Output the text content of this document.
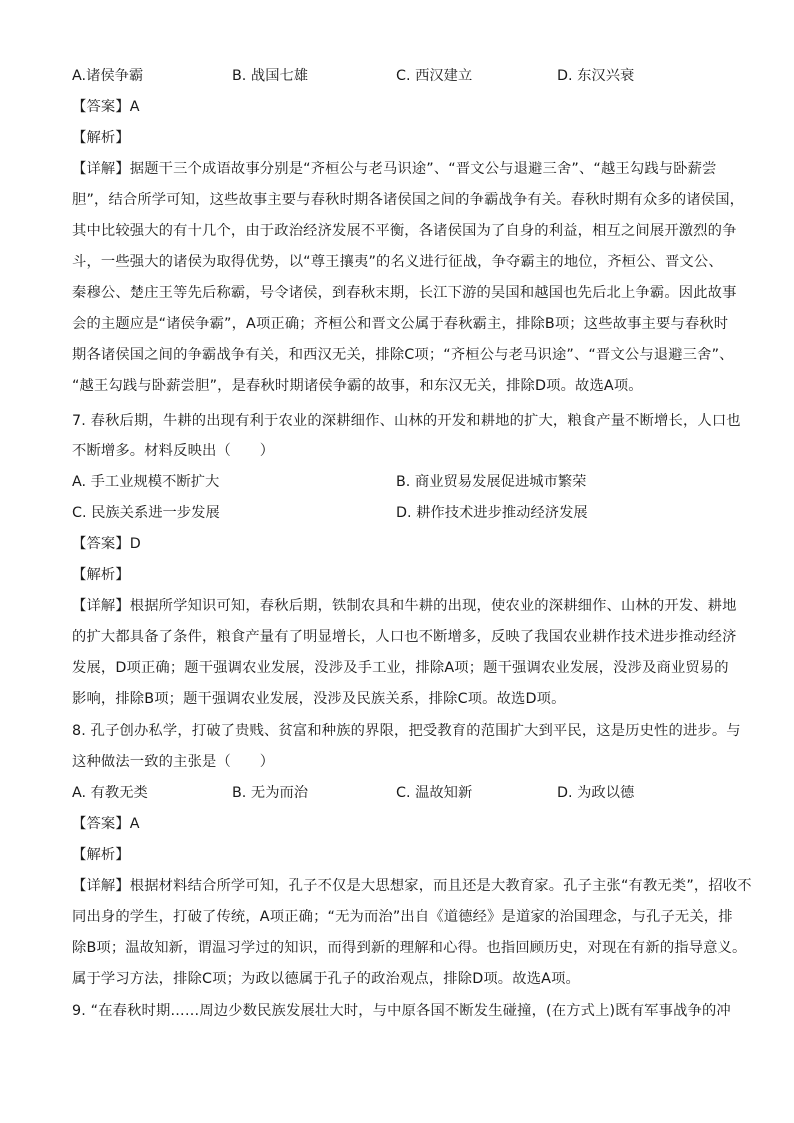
A.诸侯争霸	B. 战国七雄	C. 西汉建立	D. 东汉兴衰
【答案】A
【解析】
【详解】据题干三个成语故事分别是“齐桓公与老马识途”、“晋文公与退避三舍”、“越王勾践与卧薪尝
胆”，结合所学可知，这些故事主要与春秋时期各诸侯国之间的争霸战争有关。春秋时期有众多的诸侯国，
其中比较强大的有十几个，由于政治经济发展不平衡，各诸侯国为了自身的利益，相互之间展开激烈的争
斗，一些强大的诸侯为取得优势，以“尊王攘夷”的名义进行征战，争夺霸主的地位，齐桓公、晋文公、
秦穆公、楚庄王等先后称霸，号令诸侯，到春秋末期，长江下游的吴国和越国也先后北上争霸。因此故事
会的主题应是“诸侯争霸”，A项正确；齐桓公和晋文公属于春秋霸主，排除B项；这些故事主要与春秋时
期各诸侯国之间的争霸战争有关，和西汉无关，排除C项；“齐桓公与老马识途”、“晋文公与退避三舍”、
“越王勾践与卧薪尝胆”，是春秋时期诸侯争霸的故事，和东汉无关，排除D项。故选A项。
7. 春秋后期，牛耕的出现有利于农业的深耕细作、山林的开发和耕地的扩大，粮食产量不断增长，人口也
不断增多。材料反映出（　　）
A. 手工业规模不断扩大	B. 商业贸易发展促进城市繁荣
C. 民族关系进一步发展	D. 耕作技术进步推动经济发展
【答案】D
【解析】
【详解】根据所学知识可知，春秋后期，铁制农具和牛耕的出现，使农业的深耕细作、山林的开发、耕地
的扩大都具备了条件，粮食产量有了明显增长，人口也不断增多，反映了我国农业耕作技术进步推动经济
发展，D项正确；题干强调农业发展，没涉及手工业，排除A项；题干强调农业发展，没涉及商业贸易的
影响，排除B项；题干强调农业发展，没涉及民族关系，排除C项。故选D项。
8. 孔子创办私学，打破了贵贱、贫富和种族的界限，把受教育的范围扩大到平民，这是历史性的进步。与
这种做法一致的主张是（　　）
A. 有教无类	B. 无为而治	C. 温故知新	D. 为政以德
【答案】A
【解析】
【详解】根据材料结合所学可知，孔子不仅是大思想家，而且还是大教育家。孔子主张“有教无类”，招收不
同出身的学生，打破了传统，A项正确；“无为而治”出自《道德经》是道家的治国理念，与孔子无关，排
除B项；温故知新，谓温习学过的知识，而得到新的理解和心得。也指回顾历史，对现在有新的指导意义。
属于学习方法，排除C项；为政以德属于孔子的政治观点，排除D项。故选A项。
9. “在春秋时期……周边少数民族发展壮大时，与中原各国不断发生碰撞，(在方式上)既有军事战争的冲
